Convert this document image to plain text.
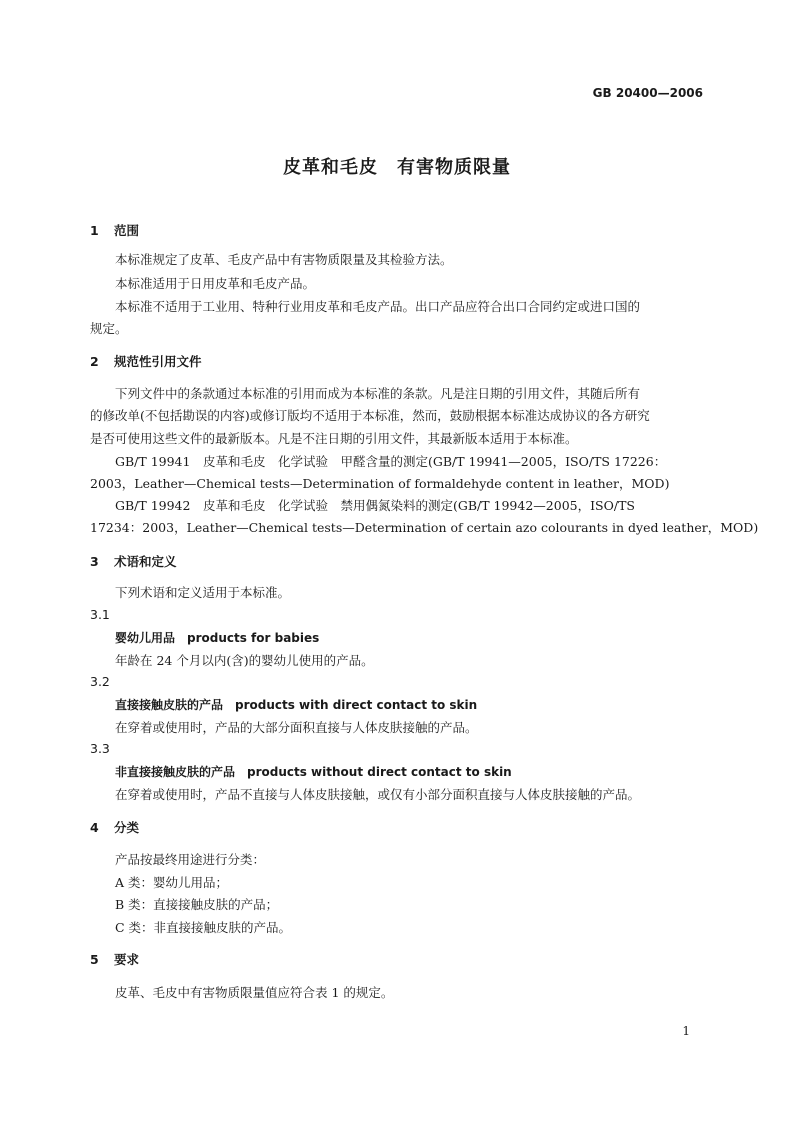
GB 20400—2006
皮革和毛皮　有害物质限量
1 范围
本标准规定了皮革、毛皮产品中有害物质限量及其检验方法。
本标准适用于日用皮革和毛皮产品。
本标准不适用于工业用、特种行业用皮革和毛皮产品。出口产品应符合出口合同约定或进口国的
规定。
2 规范性引用文件
下列文件中的条款通过本标准的引用而成为本标准的条款。凡是注日期的引用文件，其随后所有
的修改单(不包括勘误的内容)或修订版均不适用于本标准，然而，鼓励根据本标准达成协议的各方研究
是否可使用这些文件的最新版本。凡是不注日期的引用文件，其最新版本适用于本标准。
GB/T 19941　皮革和毛皮　化学试验　甲醛含量的测定(GB/T 19941—2005，ISO/TS 17226：
2003，Leather—Chemical tests—Determination of formaldehyde content in leather，MOD)
GB/T 19942　皮革和毛皮　化学试验　禁用偶氮染料的测定(GB/T 19942—2005，ISO/TS
17234：2003，Leather—Chemical tests—Determination of certain azo colourants in dyed leather，MOD)
3 术语和定义
下列术语和定义适用于本标准。
3.1
婴幼儿用品　products for babies
年龄在 24 个月以内(含)的婴幼儿使用的产品。
3.2
直接接触皮肤的产品　products with direct contact to skin
在穿着或使用时，产品的大部分面积直接与人体皮肤接触的产品。
3.3
非直接接触皮肤的产品　products without direct contact to skin
在穿着或使用时，产品不直接与人体皮肤接触，或仅有小部分面积直接与人体皮肤接触的产品。
4 分类
产品按最终用途进行分类：
A 类：婴幼儿用品；
B 类：直接接触皮肤的产品；
C 类：非直接接触皮肤的产品。
5 要求
皮革、毛皮中有害物质限量值应符合表 1 的规定。
1
